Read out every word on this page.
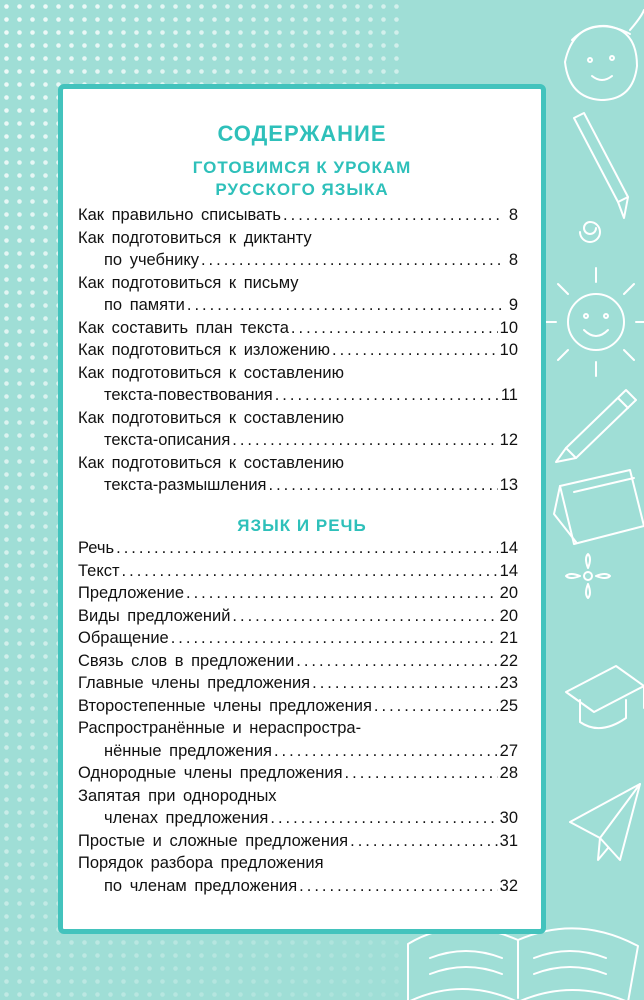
СОДЕРЖАНИЕ
ГОТОВИМСЯ К УРОКАМ
РУССКОГО ЯЗЫКА
Как правильно списывать .....	8
Как подготовиться к диктанту
по учебнику .....	8
Как подготовиться к письму
по памяти .....	9
Как составить план текста .....	10
Как подготовиться к изложению .....	10
Как подготовиться к составлению
текста-повествования .....	11
Как подготовиться к составлению
текста-описания .....	12
Как подготовиться к составлению
текста-размышления .....	13
ЯЗЫК И РЕЧЬ
Речь .....	14
Текст .....	14
Предложение .....	20
Виды предложений .....	20
Обращение .....	21
Связь слов в предложении .....	22
Главные члены предложения .....	23
Второстепенные члены предложения .....	25
Распространённые и нераспростра-
нённые предложения .....	27
Однородные члены предложения .....	28
Запятая при однородных
членах предложения .....	30
Простые и сложные предложения .....	31
Порядок разбора предложения
по членам предложения .....	32
